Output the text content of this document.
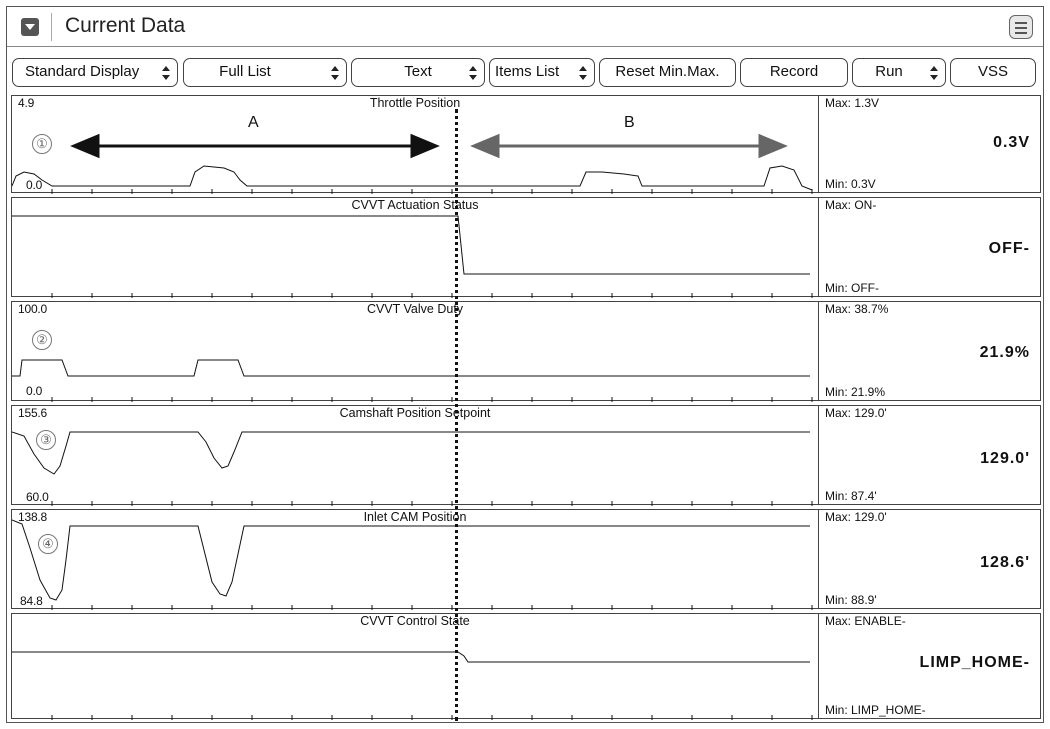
Current Data
Standard Display	Full List	Text	Items List	Reset Min.Max.	Record	Run	VSS
4.9
0.0
Throttle Position
①
A	B
Max: 1.3V
0.3V
Min: 0.3V
CVVT Actuation Status	Max: ON-
OFF-
Min: OFF-
100.0
0.0
CVVT Valve Duty
②
Max: 38.7%
21.9%
Min: 21.9%
155.6
60.0
Camshaft Position Setpoint
③
Max: 129.0'
129.0'
Min: 87.4'
138.8
84.8
Inlet CAM Position
④
Max: 129.0'
128.6'
Min: 88.9'
CVVT Control State	Max: ENABLE-
LIMP_HOME-
Min: LIMP_HOME-
